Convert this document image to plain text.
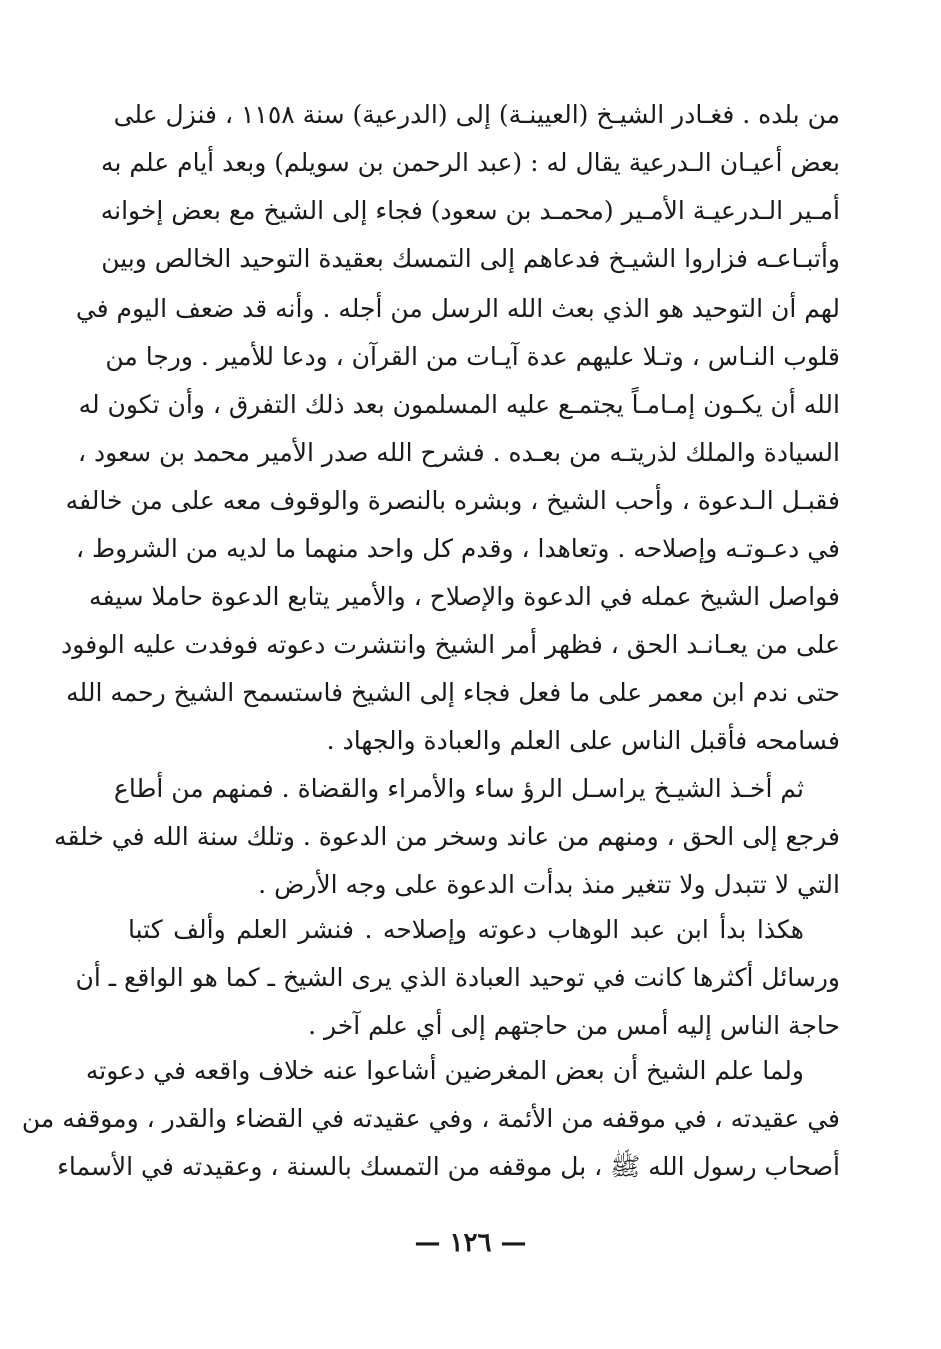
من بلده . فغـادر الشيـخ (العيينـة) إلى (الدرعية) سنة ١١٥٨ ، فنزل على
بعض أعيـان الـدرعية يقال له : (عبد الرحمن بن سويلم) وبعد أيام علم به
أمـير الـدرعيـة الأمـير (محمـد بن سعود) فجاء إلى الشيخ مع بعض إخوانه
وأتبـاعـه فزاروا الشيـخ فدعاهم إلى التمسك بعقيدة التوحيد الخالص وبين
لهم أن التوحيد هو الذي بعث الله الرسل من أجله . وأنه قد ضعف اليوم في
قلوب النـاس ، وتـلا عليهم عدة آيـات من القرآن ، ودعا للأمير . ورجا من
الله أن يكـون إمـامـاً يجتمـع عليه المسلمون بعد ذلك التفرق ، وأن تكون له
السيادة والملك لذريتـه من بعـده . فشرح الله صدر الأمير محمد بن سعود ،
فقبـل الـدعوة ، وأحب الشيخ ، وبشره بالنصرة والوقوف معه على من خالفه
في دعـوتـه وإصلاحه . وتعاهدا ، وقدم كل واحد منهما ما لديه من الشروط ،
فواصل الشيخ عمله في الدعوة والإصلاح ، والأمير يتابع الدعوة حاملا سيفه
على من يعـانـد الحق ، فظهر أمر الشيخ وانتشرت دعوته فوفدت عليه الوفود
حتى ندم ابن معمر على ما فعل فجاء إلى الشيخ فاستسمح الشيخ رحمه الله
فسامحه فأقبل الناس على العلم والعبادة والجهاد .
ثم أخـذ الشيـخ يراسـل الرؤ ساء والأمراء والقضاة . فمنهم من أطاع
فرجع إلى الحق ، ومنهم من عاند وسخر من الدعوة . وتلك سنة الله في خلقه
التي لا تتبدل ولا تتغير منذ بدأت الدعوة على وجه الأرض .
هكذا بدأ ابن عبد الوهاب دعوته وإصلاحه . فنشر العلم وألف كتبا
ورسائل أكثرها كانت في توحيد العبادة الذي يرى الشيخ ـ كما هو الواقع ـ أن
حاجة الناس إليه أمس من حاجتهم إلى أي علم آخر .
ولما علم الشيخ أن بعض المغرضين أشاعوا عنه خلاف واقعه في دعوته
في عقيدته ، في موقفه من الأئمة ، وفي عقيدته في القضاء والقدر ، وموقفه من
أصحاب رسول الله ﷺ ، بل موقفه من التمسك بالسنة ، وعقيدته في الأسماء
— ١٢٦ —
